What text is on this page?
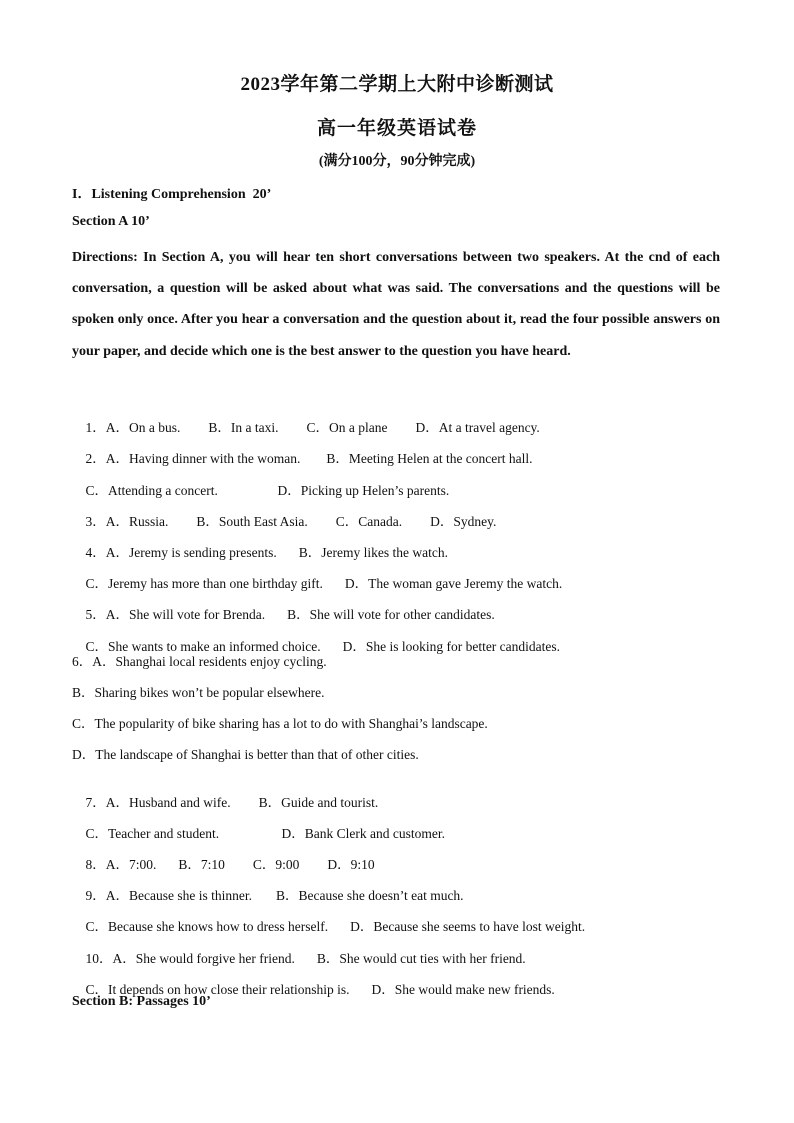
2023学年第二学期上大附中诊断测试
高一年级英语试卷
(满分100分，90分钟完成)
I．Listening Comprehension  20’
Section A 10’
Directions: In Section A, you will hear ten short conversations between two speakers. At the cnd of each conversation, a question will be asked about what was said. The conversations and the questions will be spoken only once. After you hear a conversation and the question about it, read the four possible answers on your paper, and decide which one is the best answer to the question you have heard.

1．A．On a bus. B．In a taxi. C．On a plane D．At a travel agency.

2．A．Having dinner with the woman. B．Meeting Helen at the concert hall.

C．Attending a concert.	D．Picking up Helen’s parents.

3．A．Russia. B．South East Asia. C．Canada. D．Sydney.

4．A．Jeremy is sending presents. B．Jeremy likes the watch.

C．Jeremy has more than one birthday gift. D．The woman gave Jeremy the watch.

5．A．She will vote for Brenda. B．She will vote for other candidates.

C．She wants to make an informed choice. D．She is looking for better candidates.

6．A．Shanghai local residents enjoy cycling.
B．Sharing bikes won’t be popular elsewhere.
C．The popularity of bike sharing has a lot to do with Shanghai’s landscape.
D．The landscape of Shanghai is better than that of other cities.

7．A．Husband and wife. B．Guide and tourist.

C．Teacher and student.	D．Bank Clerk and customer.

8．A．7:00. B．7:10 C．9:00 D．9:10

9．A．Because she is thinner. B．Because she doesn’t eat much.

C．Because she knows how to dress herself. D．Because she seems to have lost weight.

10．A．She would forgive her friend. B．She would cut ties with her friend.

C．It depends on how close their relationship is. D．She would make new friends.

Section B: Passages 10’
